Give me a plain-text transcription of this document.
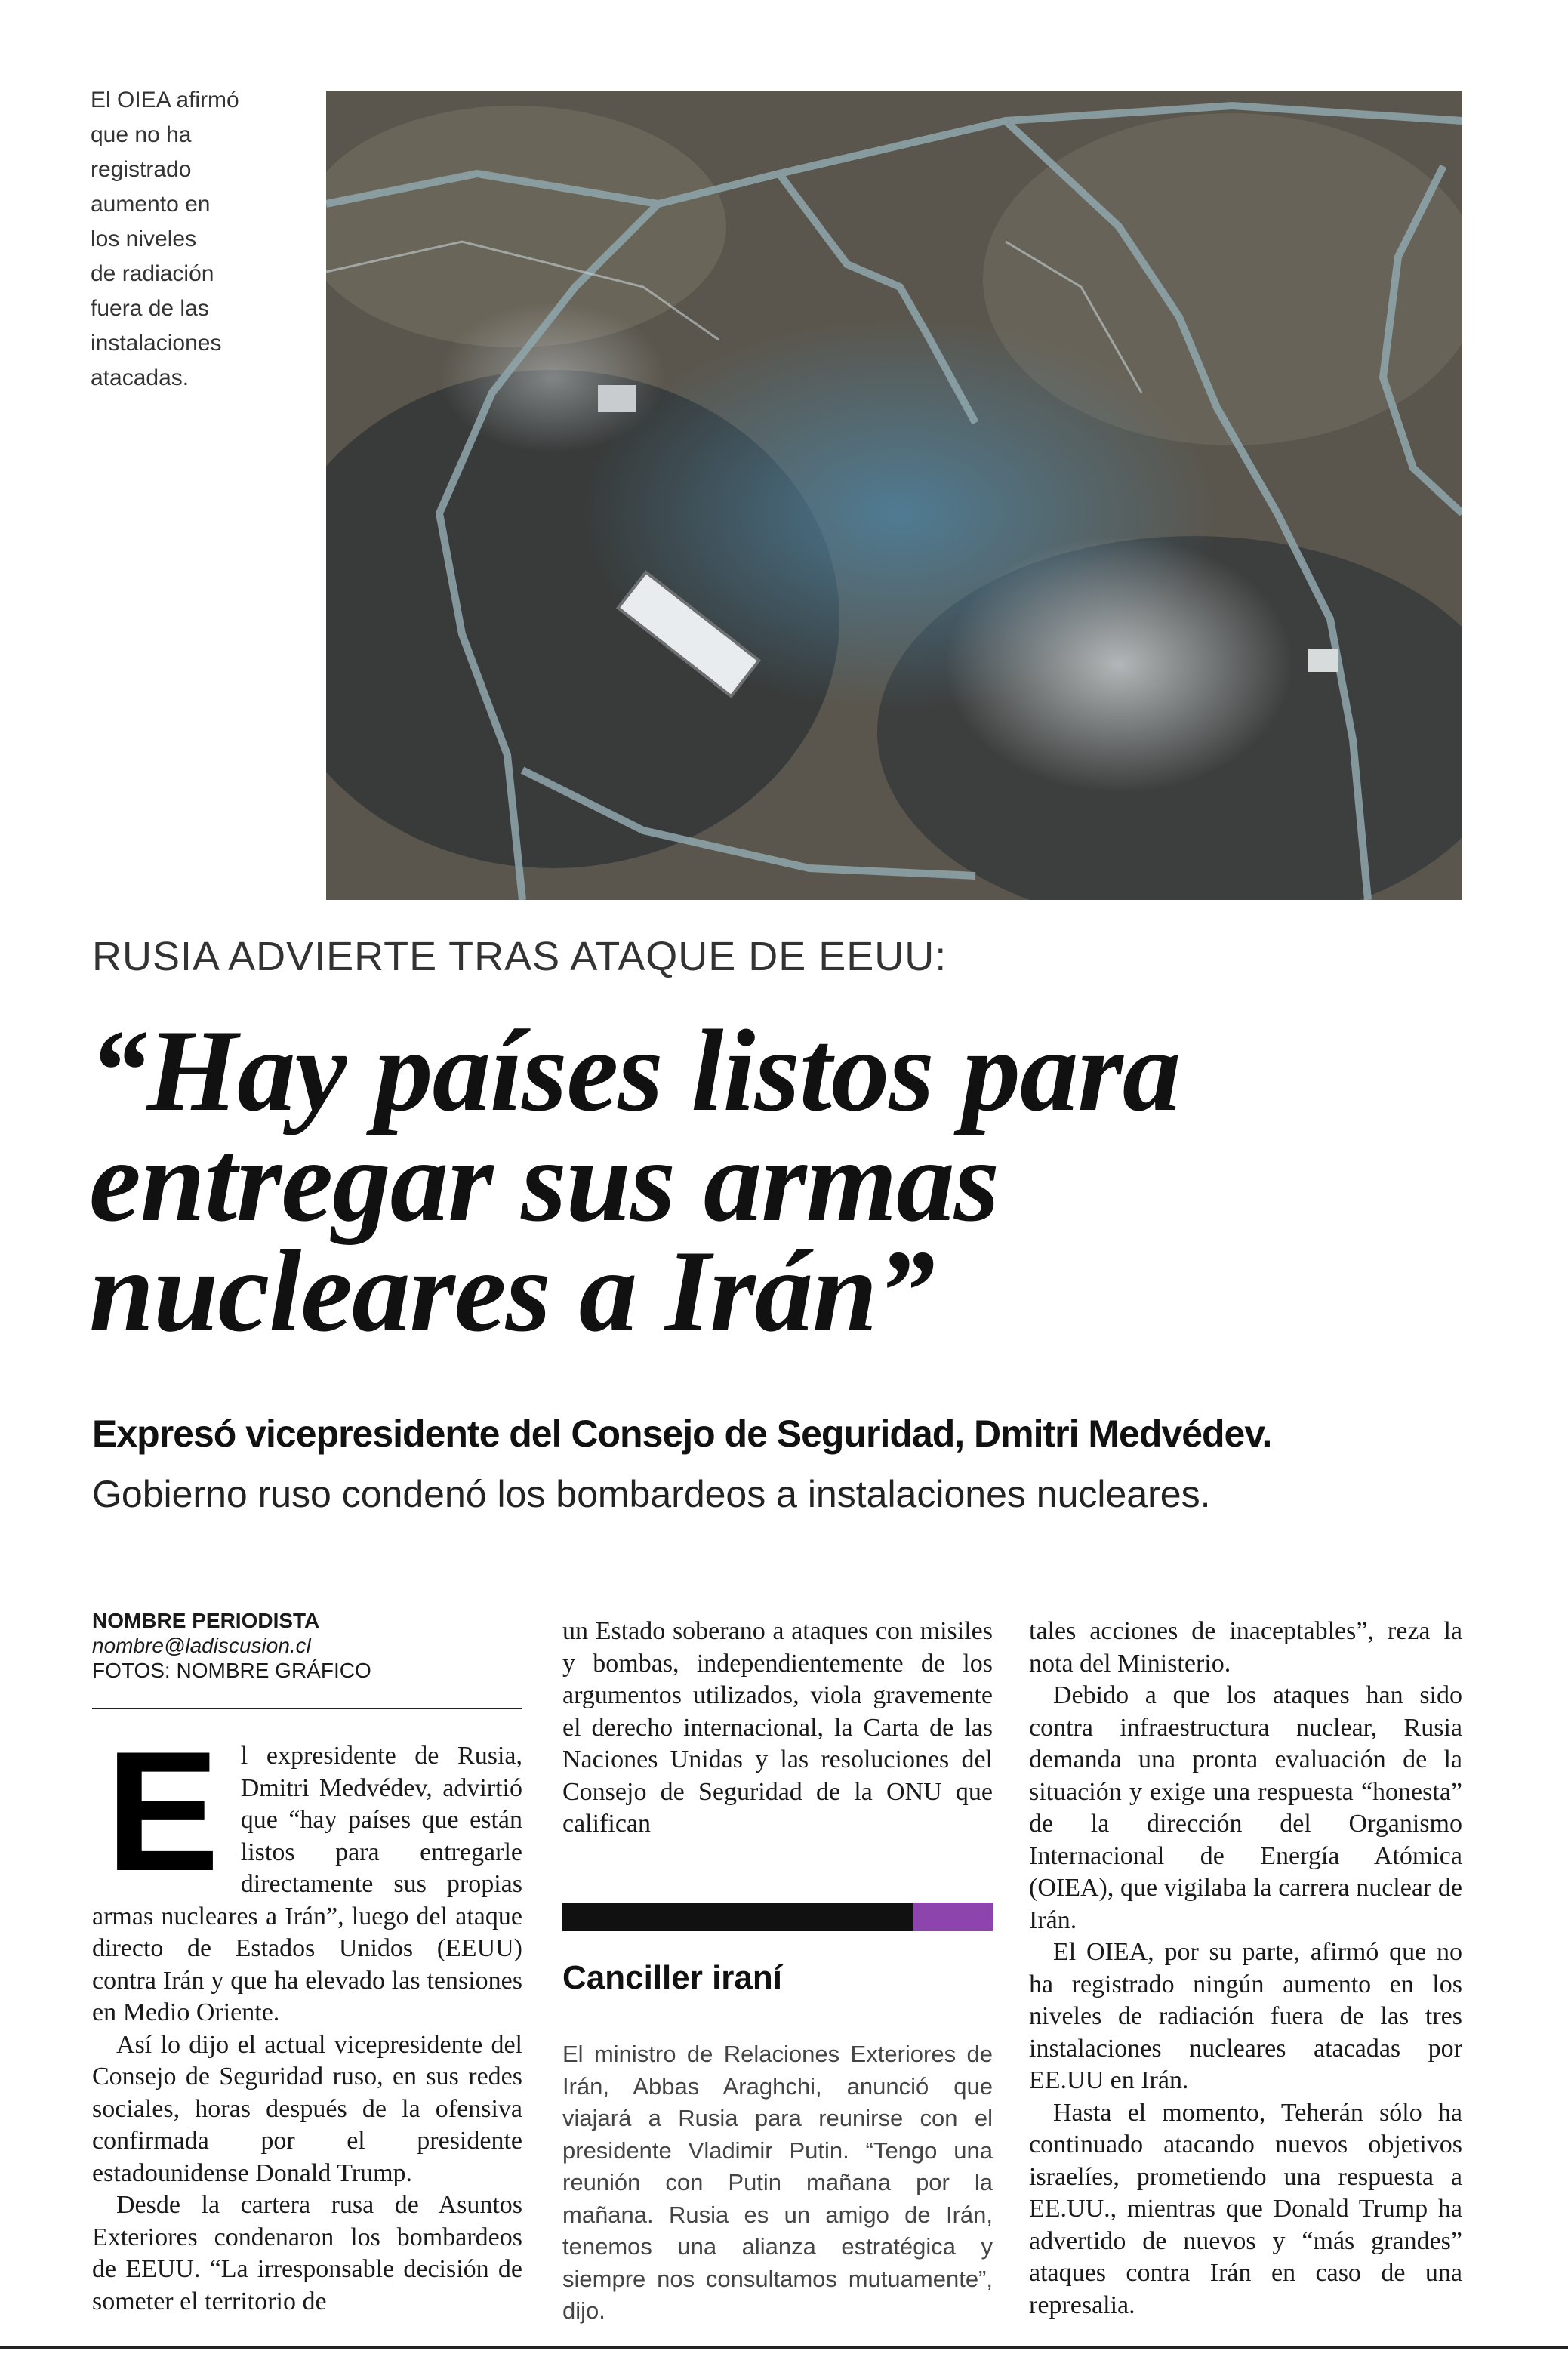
El OIEA afirmó
que no ha
registrado
aumento en
los niveles
de radiación
fuera de las
instalaciones
atacadas.
RUSIA ADVIERTE TRAS ATAQUE DE EEUU:
“Hay países listos para
entregar sus armas
nucleares a Irán”
Expresó vicepresidente del Consejo de Seguridad, Dmitri Medvédev.
Gobierno ruso condenó los bombardeos a instalaciones nucleares.
NOMBRE PERIODISTA
nombre@ladiscusion.cl
FOTOS: NOMBRE GRÁFICO
E l expresidente de Rusia, Dmitri Medvédev, advirtió que “hay países que están listos para entregarle directamente sus propias armas nucleares a Irán”, luego del ataque directo de Estados Unidos (EEUU) contra Irán y que ha elevado las tensiones en Medio Oriente.

Así lo dijo el actual vicepresidente del Consejo de Seguridad ruso, en sus redes sociales, horas después de la ofensiva confirmada por el presidente estadounidense Donald Trump.

Desde la cartera rusa de Asuntos Exteriores condenaron los bombardeos de EEUU. “La irresponsable decisión de someter el territorio de

un Estado soberano a ataques con misiles y bombas, independientemente de los argumentos utilizados, viola gravemente el derecho internacional, la Carta de las Naciones Unidas y las resoluciones del Consejo de Seguridad de la ONU que califican

Canciller iraní
El ministro de Relaciones Exteriores de Irán, Abbas Araghchi, anunció que viajará a Rusia para reunirse con el presidente Vladimir Putin. “Tengo una reunión con Putin mañana por la mañana. Rusia es un amigo de Irán, tenemos una alianza estratégica y siempre nos consultamos mutuamente”, dijo.

tales acciones de inaceptables”, reza la nota del Ministerio.

Debido a que los ataques han sido contra infraestructura nuclear, Rusia demanda una pronta evaluación de la situación y exige una respuesta “honesta” de la dirección del Organismo Internacional de Energía Atómica (OIEA), que vigilaba la carrera nuclear de Irán.

El OIEA, por su parte, afirmó que no ha registrado ningún aumento en los niveles de radiación fuera de las tres instalaciones nucleares atacadas por EE.UU en Irán.

Hasta el momento, Teherán sólo ha continuado atacando nuevos objetivos israelíes, prometiendo una respuesta a EE.UU., mientras que Donald Trump ha advertido de nuevos y “más grandes” ataques contra Irán en caso de una represalia.
